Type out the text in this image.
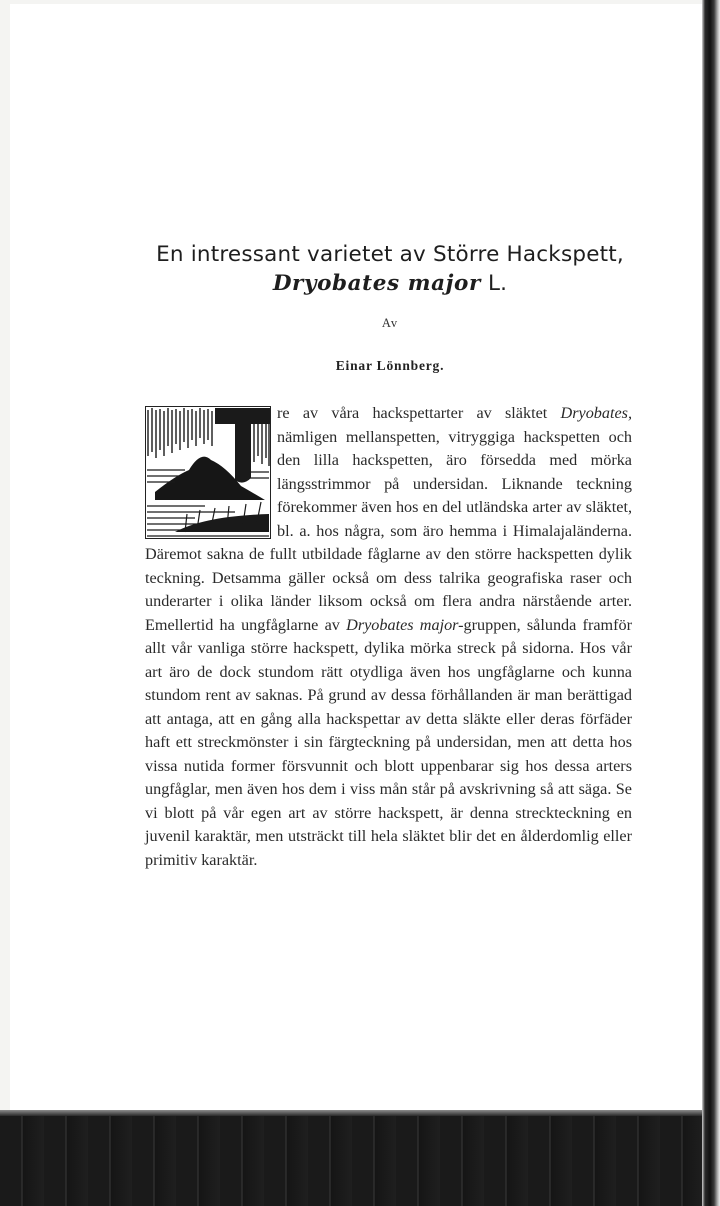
En intressant varietet av Större Hackspett,
Dryobates major L.
Av
Einar Lönnberg.
re av våra hackspettarter av släktet Dryobates, nämligen mellanspetten, vitryggiga hackspetten och den lilla hackspetten, äro försedda med mörka längsstrimmor på undersidan. Liknande teckning förekommer även hos en del utländska arter av släktet, bl. a. hos några, som äro hemma i Himalajaländerna. Däremot sakna de fullt utbildade fåglarne av den större hackspetten dylik teckning. Detsamma gäller också om dess talrika geografiska raser och underarter i olika länder liksom också om flera andra närstående arter. Emellertid ha ungfåglarne av Dryobates major-gruppen, sålunda framför allt vår vanliga större hackspett, dylika mörka streck på sidorna. Hos vår art äro de dock stundom rätt otydliga även hos ungfåglarne och kunna stundom rent av saknas. På grund av dessa förhållanden är man berättigad att antaga, att en gång alla hackspettar av detta släkte eller deras förfäder haft ett streckmönster i sin färgteckning på undersidan, men att detta hos vissa nutida former försvunnit och blott uppenbarar sig hos dessa arters ungfåglar, men även hos dem i viss mån står på avskrivning så att säga. Se vi blott på vår egen art av större hackspett, är denna streckteckning en juvenil karaktär, men utsträckt till hela släktet blir det en ålderdomlig eller primitiv karaktär.
